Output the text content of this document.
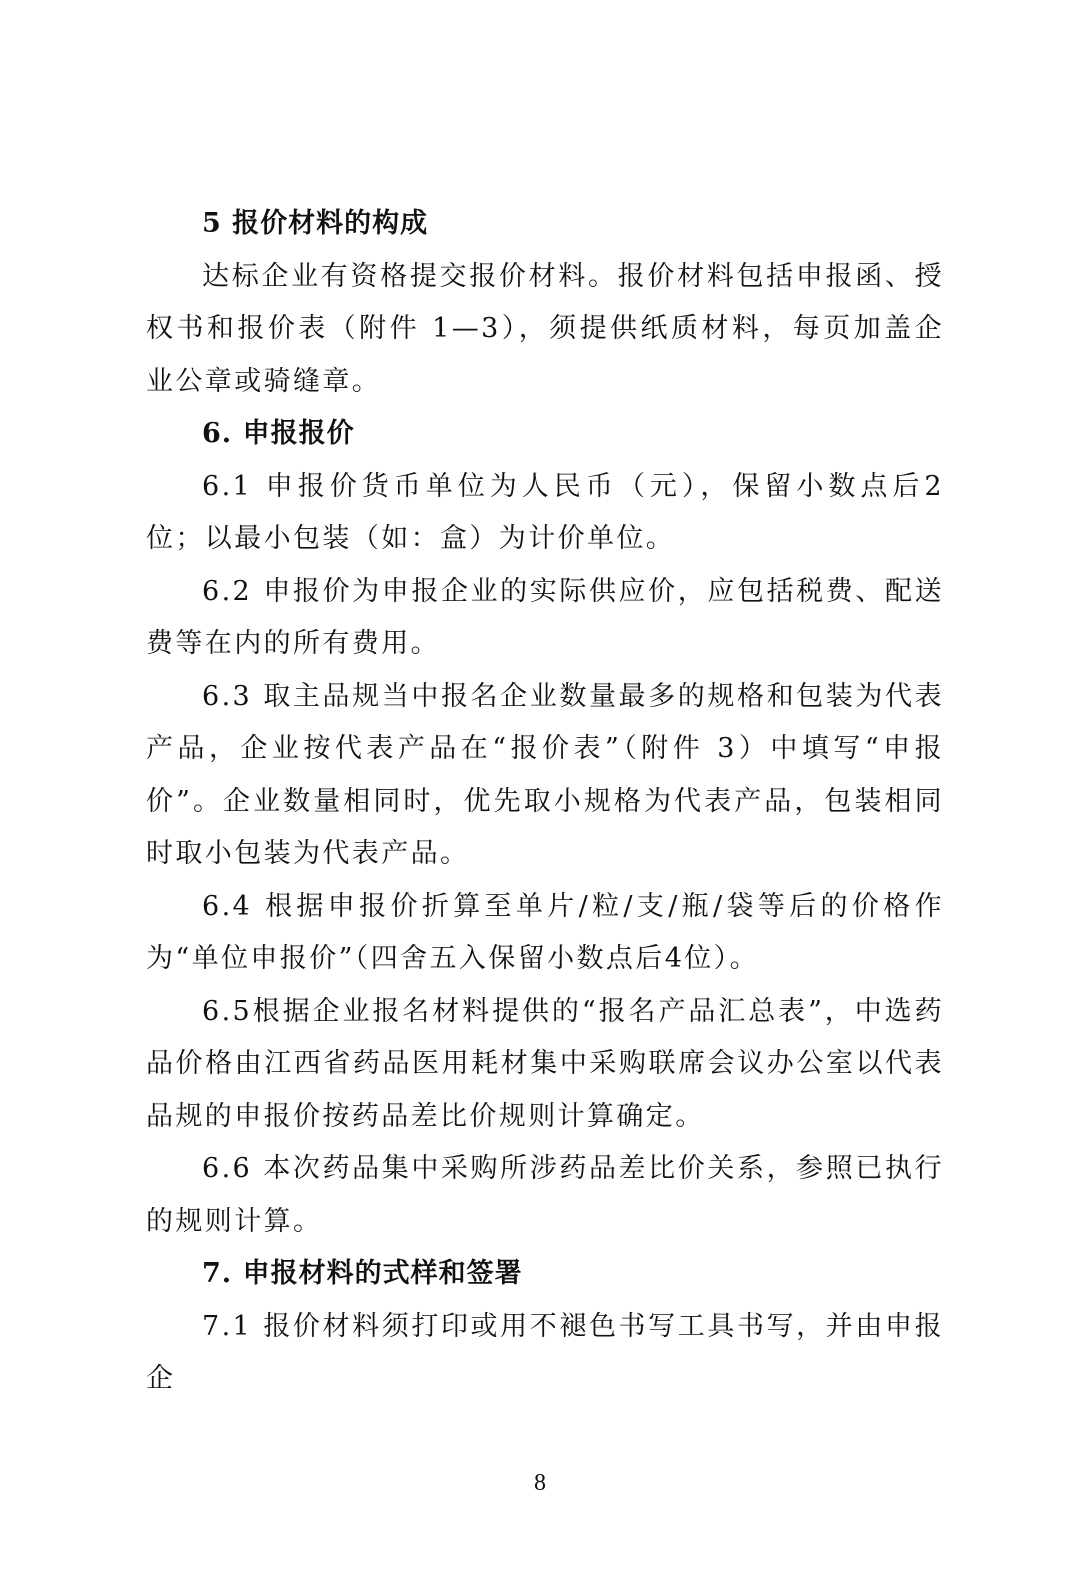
5 报价材料的构成

达标企业有资格提交报价材料。报价材料包括申报函、授权书和报价表（附件 1—3），须提供纸质材料，每页加盖企业公章或骑缝章。

6. 申报报价

6.1 申报价货币单位为人民币（元），保留小数点后2位；以最小包装（如：盒）为计价单位。

6.2 申报价为申报企业的实际供应价，应包括税费、配送费等在内的所有费用。

6.3 取主品规当中报名企业数量最多的规格和包装为代表产品，企业按代表产品在“报价表”（附件 3）中填写“申报价”。企业数量相同时，优先取小规格为代表产品，包装相同时取小包装为代表产品。

6.4 根据申报价折算至单片/粒/支/瓶/袋等后的价格作为“单位申报价”（四舍五入保留小数点后4位）。

6.5根据企业报名材料提供的“报名产品汇总表”，中选药品价格由江西省药品医用耗材集中采购联席会议办公室以代表品规的申报价按药品差比价规则计算确定。

6.6 本次药品集中采购所涉药品差比价关系，参照已执行的规则计算。

7. 申报材料的式样和签署

7.1 报价材料须打印或用不褪色书写工具书写，并由申报企

8
